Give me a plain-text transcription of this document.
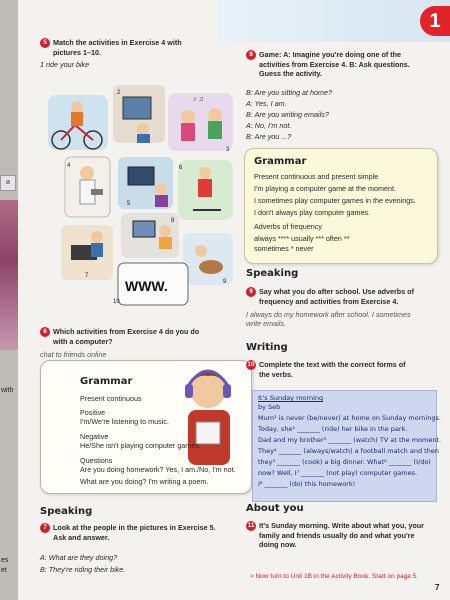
a
with
es
et
1
5 Match the activities in Exercise 4 with
pictures 1–10.
1 ride your bike
2
♪ ♫
3
4
5
6
7
8
9
WWW.
10
6 Which activities from Exercise 4 do you do
with a computer?
chat to friends online
Grammar
Present continuous
Positive
I'm/We're listening to music.
Negative
He/She isn't playing computer games.
Questions
Are you doing homework? Yes, I am./No, I'm not.
What are you doing? I'm writing a poem.
Speaking
7 Look at the people in the pictures in Exercise 5.
Ask and answer.
A: What are they doing?
B: They're riding their bike.
8 Game: A: Imagine you're doing one of the
activities from Exercise 4. B: Ask questions.
Guess the activity.
B: Are you sitting at home?
A: Yes, I am.
B: Are you writing emails?
A: No, I'm not.
B: Are you ...?
Grammar
Present continuous and present simple
I'm playing a computer game at the moment.
I sometimes play computer games in the evenings.
I don't always play computer games.
Adverbs of frequency
always **** usually *** often **
sometimes * never
Speaking
9 Say what you do after school. Use adverbs of
frequency and activities from Exercise 4.
I always do my homework after school. I sometimes
write emails.
Writing
10 Complete the text with the correct forms of
the verbs.
It's Sunday morning
by Seb
Mum¹ is never (be/never) at home on Sunday mornings.
Today, she² _______ (ride) her bike in the park.
Dad and my brother³ _______ (watch) TV at the moment.
They⁴ _______ (always/watch) a football match and then
they⁵ _______ (cook) a big dinner. What⁶ _______ (I/do)
now? Well, I⁷ _______ (not play) computer games.
I⁸ _______ (do) this homework!
About you
11 It's Sunday morning. Write about what you, your
family and friends usually do and what you're
doing now.
> Now turn to Unit 1B in the Activity Book. Start on page 5.
7
